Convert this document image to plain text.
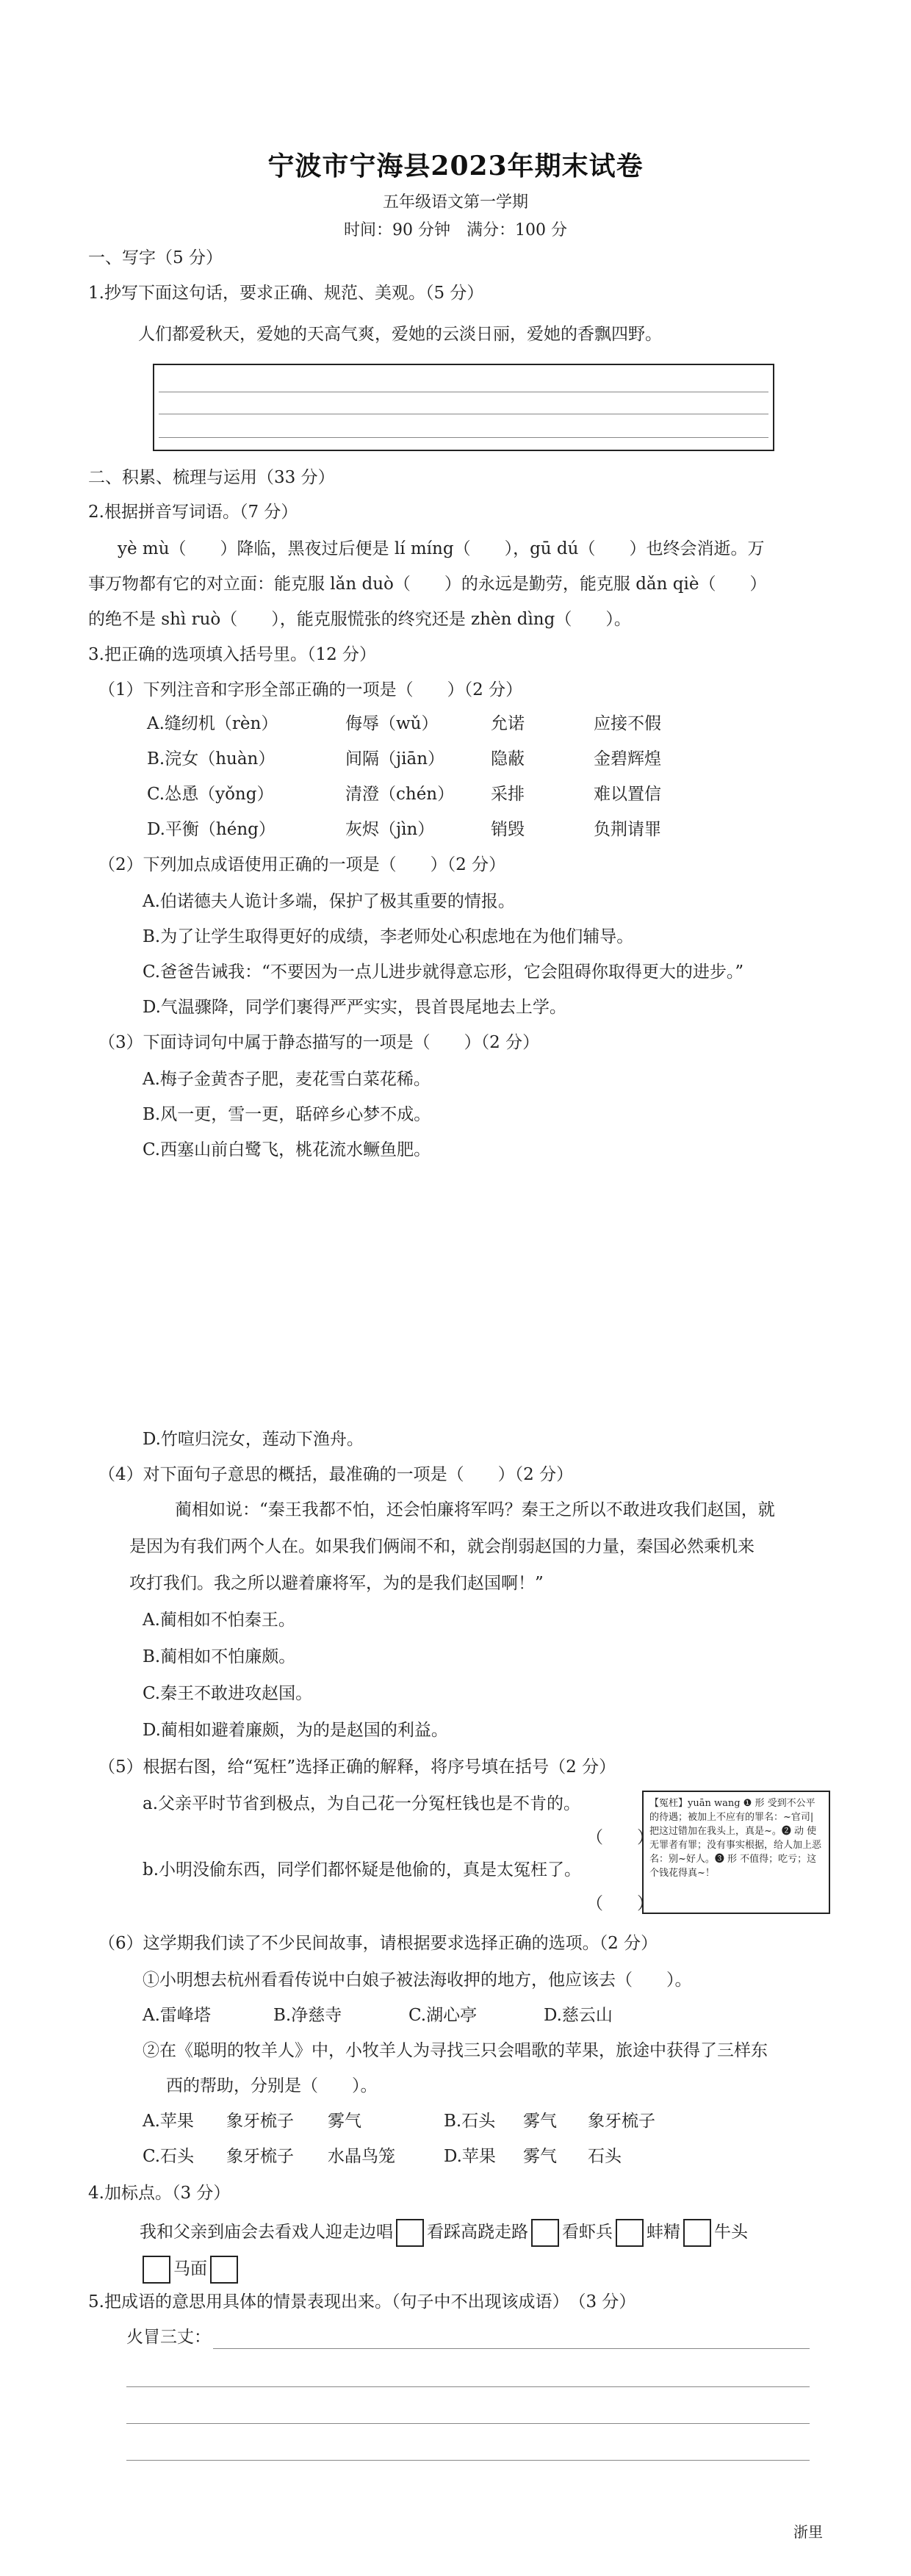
宁波市宁海县2023年期末试卷
五年级语文第一学期
时间：90 分钟　满分：100 分
一、写字（5 分）
1.抄写下面这句话，要求正确、规范、美观。（5 分）
人们都爱秋天，爱她的天高气爽，爱她的云淡日丽，爱她的香飘四野。
二、积累、梳理与运用（33 分）
2.根据拼音写词语。（7 分）
yè mù（　　）降临，黑夜过后便是 lí míng（　　），gū dú（　　）也终会消逝。万
事万物都有它的对立面：能克服 lǎn duò（　　）的永远是勤劳，能克服 dǎn qiè（　　）
的绝不是 shì ruò（　　），能克服慌张的终究还是 zhèn dìng（　　）。
3.把正确的选项填入括号里。（12 分）
（1）下列注音和字形全部正确的一项是（　　）（2 分）
A.缝纫机（rèn）	侮辱（wǔ）	允诺	应接不假
B.浣女（huàn）	间隔（jiān）	隐蔽	金碧辉煌
C.怂恿（yǒng）	清澄（chén） 采排	难以置信
D.平衡（héng）	灰烬（jìn）	销毁	负荆请罪
（2）下列加点成语使用正确的一项是（　　）（2 分）
A.伯诺德夫人诡计多端，保护了极其重要的情报。
B.为了让学生取得更好的成绩，李老师处心积虑地在为他们辅导。
C.爸爸告诫我：“不要因为一点儿进步就得意忘形，它会阻碍你取得更大的进步。”
D.气温骤降，同学们裹得严严实实，畏首畏尾地去上学。
（3）下面诗词句中属于静态描写的一项是（　　）（2 分）
A.梅子金黄杏子肥，麦花雪白菜花稀。
B.风一更，雪一更，聒碎乡心梦不成。
C.西塞山前白鹭飞，桃花流水鳜鱼肥。
D.竹喧归浣女，莲动下渔舟。
（4）对下面句子意思的概括，最准确的一项是（　　）（2 分）
蔺相如说：“秦王我都不怕，还会怕廉将军吗？秦王之所以不敢进攻我们赵国，就
是因为有我们两个人在。如果我们俩闹不和，就会削弱赵国的力量，秦国必然乘机来
攻打我们。我之所以避着廉将军，为的是我们赵国啊！”
A.蔺相如不怕秦王。
B.蔺相如不怕廉颇。
C.秦王不敢进攻赵国。
D.蔺相如避着廉颇，为的是赵国的利益。
（5）根据右图，给“冤枉”选择正确的解释，将序号填在括号（2 分）
a.父亲平时节省到极点，为自己花一分冤枉钱也是不肯的。
（　　）
b.小明没偷东西，同学们都怀疑是他偷的，真是太冤枉了。
（　　）
【冤枉】yuān wang ❶ 形 受到不公平的待遇；被加上不应有的罪名：~官司|把这过错加在我头上，真是~。❷ 动 使无罪者有罪；没有事实根据，给人加上恶名：别~好人。❸ 形 不值得；吃亏；这个钱花得真~！
（6）这学期我们读了不少民间故事，请根据要求选择正确的选项。（2 分）
①小明想去杭州看看传说中白娘子被法海收押的地方，他应该去（　　）。
A.雷峰塔	B.净慈寺	C.湖心亭	D.慈云山
②在《聪明的牧羊人》中，小牧羊人为寻找三只会唱歌的苹果，旅途中获得了三样东
西的帮助，分别是（　　）。
A.苹果 象牙梳子 雾气	B.石头 雾气 象牙梳子
C.石头 象牙梳子 水晶鸟笼	D.苹果 雾气 石头
4.加标点。（3 分）
我和父亲到庙会去看戏人迎走边唱 看踩高跷走路 看虾兵 蚌精 牛头
马面
5.把成语的意思用具体的情景表现出来。（句子中不出现该成语）　（3 分）
火冒三丈：
浙里
